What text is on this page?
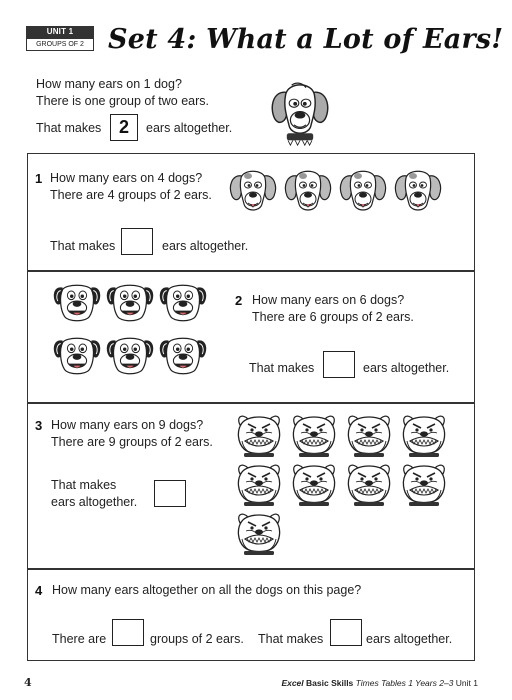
UNIT 1
GROUPS OF 2 Set 4: What a Lot of Ears!
How many ears on 1 dog?
There is one group of two ears.
That makes 2	ears altogether.
1 How many ears on 4 dogs?
There are 4 groups of 2 ears.
That makes	ears altogether.
2 How many ears on 6 dogs?
There are 6 groups of 2 ears.
That makes	ears altogether.
3 How many ears on 9 dogs?
There are 9 groups of 2 ears.
That makes
ears altogether.
4 How many ears altogether on all the dogs on this page?
There are	groups of 2 ears. That makes	ears altogether.
4	Excel Basic Skills Times Tables 1 Years 2–3 Unit 1
